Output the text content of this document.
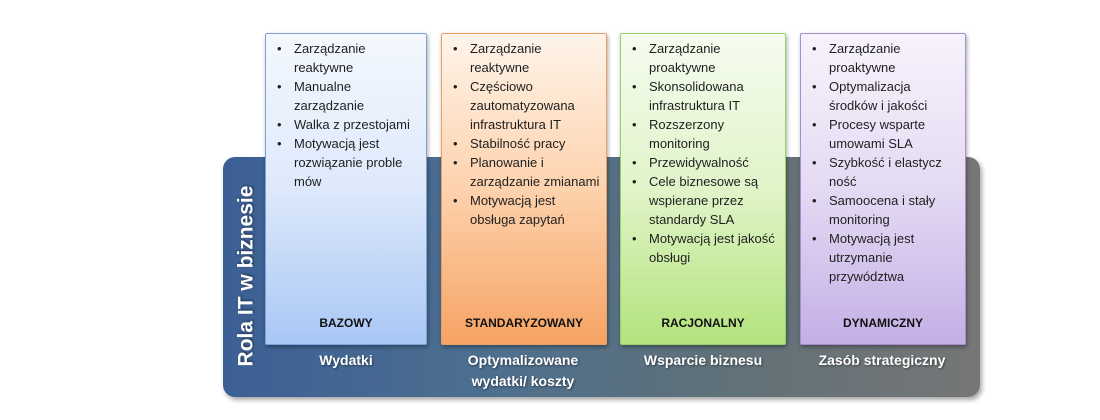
Rola IT w biznesie
• Zarządzanie reaktywne
• Manualne zarządzanie
• Walka z przestojami
• Motywacją jest rozwiązanie proble mów
BAZOWY
• Zarządzanie reaktywne
• Częściowo zautomatyzowana infrastruktura IT
• Stabilność pracy
• Planowanie i zarządzanie zmianami
• Motywacją jest obsługa zapytań
STANDARYZOWANY
• Zarządzanie proaktywne
• Skonsolidowana infrastruktura IT
• Rozszerzony monitoring
• Przewidywalność
• Cele biznesowe są wspierane przez standardy SLA
• Motywacją jest jakość obsługi
RACJONALNY
• Zarządzanie proaktywne
• Optymalizacja środków i jakości
• Procesy wsparte umowami SLA
• Szybkość i elastycz ność
• Samoocena i stały monitoring
• Motywacją jest utrzymanie przywództwa
DYNAMICZNY
Wydatki	Optymalizowane wydatki/ koszty
Wsparcie biznesu	Zasób strategiczny
